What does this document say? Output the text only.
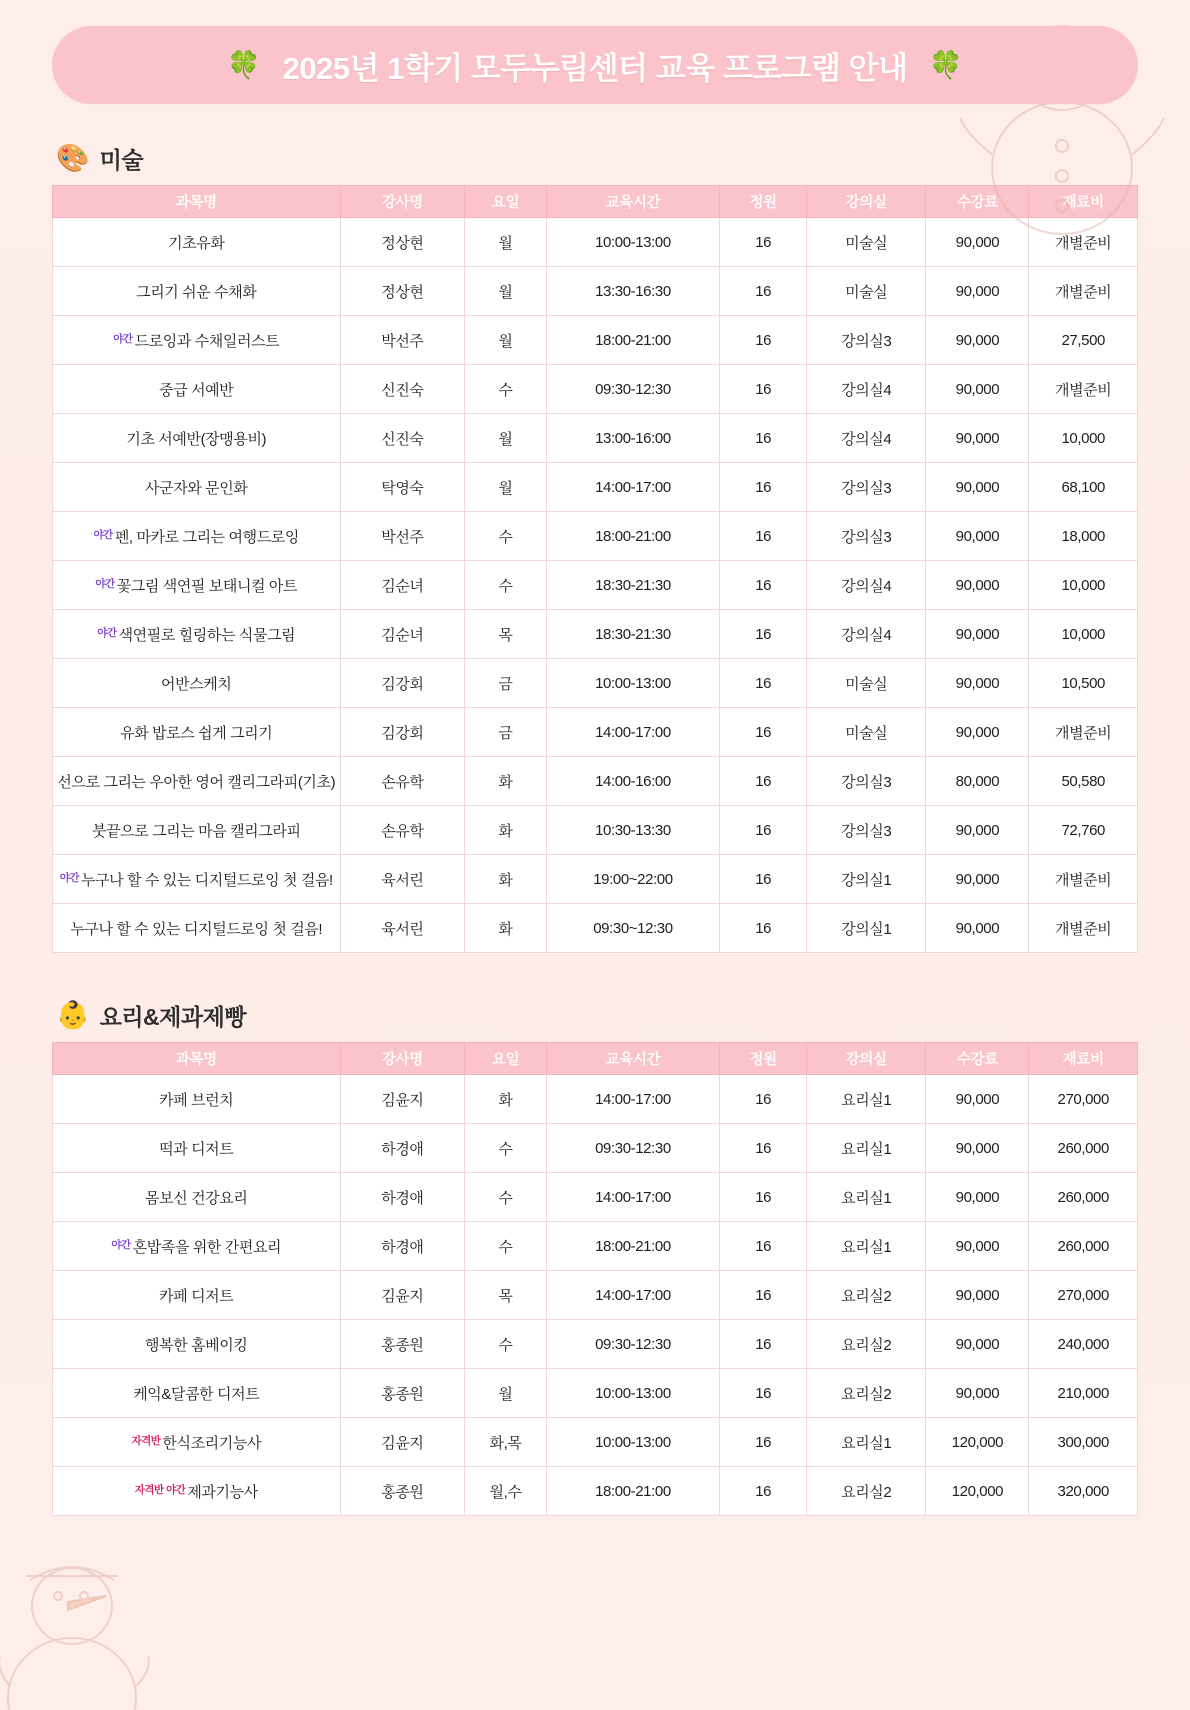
🍀 2025년 1학기 모두누림센터 교육 프로그램 안내 🍀
🎨 미술
과목명	강사명	요일	교육시간	정원	강의실	수강료	재료비
기초유화	정상현	월	10:00-13:00	16	미술실	90,000	개별준비
그리기 쉬운 수채화	정상현	월	13:30-16:30	16	미술실	90,000	개별준비
$^{야간}$ 드로잉과 수채일러스트	박선주	월	18:00-21:00	16	강의실3	90,000	27,500
중급 서예반	신진숙	수	09:30-12:30	16	강의실4	90,000	개별준비
기초 서예반(장맹용비)	신진숙	월	13:00-16:00	16	강의실4	90,000	10,000
사군자와 문인화	탁영숙	월	14:00-17:00	16	강의실3	90,000	68,100
$^{야간}$ 펜, 마카로 그리는 여행드로잉	박선주	수	18:00-21:00	16	강의실3	90,000	18,000
$^{야간}$ 꽃그림 색연필 보태니컬 아트	김순녀	수	18:30-21:30	16	강의실4	90,000	10,000
$^{야간}$ 색연필로 힐링하는 식물그림	김순녀	목	18:30-21:30	16	강의실4	90,000	10,000
어반스케치	김강회	금	10:00-13:00	16	미술실	90,000	10,500
유화 밥로스 쉽게 그리기	김강회	금	14:00-17:00	16	미술실	90,000	개별준비
선으로 그리는 우아한 영어 캘리그라피(기초)	손유학	화	14:00-16:00	16	강의실3	80,000	50,580
붓끝으로 그리는 마음 캘리그라피	손유학	화	10:30-13:30	16	강의실3	90,000	72,760
$^{야간}$ 누구나 할 수 있는 디지털드로잉 첫 걸음!	육서린	화	19:00~22:00	16	강의실1	90,000	개별준비
누구나 할 수 있는 디지털드로잉 첫 걸음!	육서린	화	09:30~12:30	16	강의실1	90,000	개별준비
👶 요리&제과제빵
과목명	강사명	요일	교육시간	정원	강의실	수강료	재료비
카페 브런치	김윤지	화	14:00-17:00	16	요리실1	90,000	270,000
떡과 디저트	하경애	수	09:30-12:30	16	요리실1	90,000	260,000
몸보신 건강요리	하경애	수	14:00-17:00	16	요리실1	90,000	260,000
$^{야간}$ 혼밥족을 위한 간편요리	하경애	수	18:00-21:00	16	요리실1	90,000	260,000
카페 디저트	김윤지	목	14:00-17:00	16	요리실2	90,000	270,000
행복한 홈베이킹	홍종원	수	09:30-12:30	16	요리실2	90,000	240,000
케익&달콤한 디저트	홍종원	월	10:00-13:00	16	요리실2	90,000	210,000
$^{자격반}$ 한식조리기능사	김윤지	화,목	10:00-13:00	16	요리실1	120,000	300,000
$^{자격반 야간}$ 제과기능사	홍종원	월,수	18:00-21:00	16	요리실2	120,000	320,000
